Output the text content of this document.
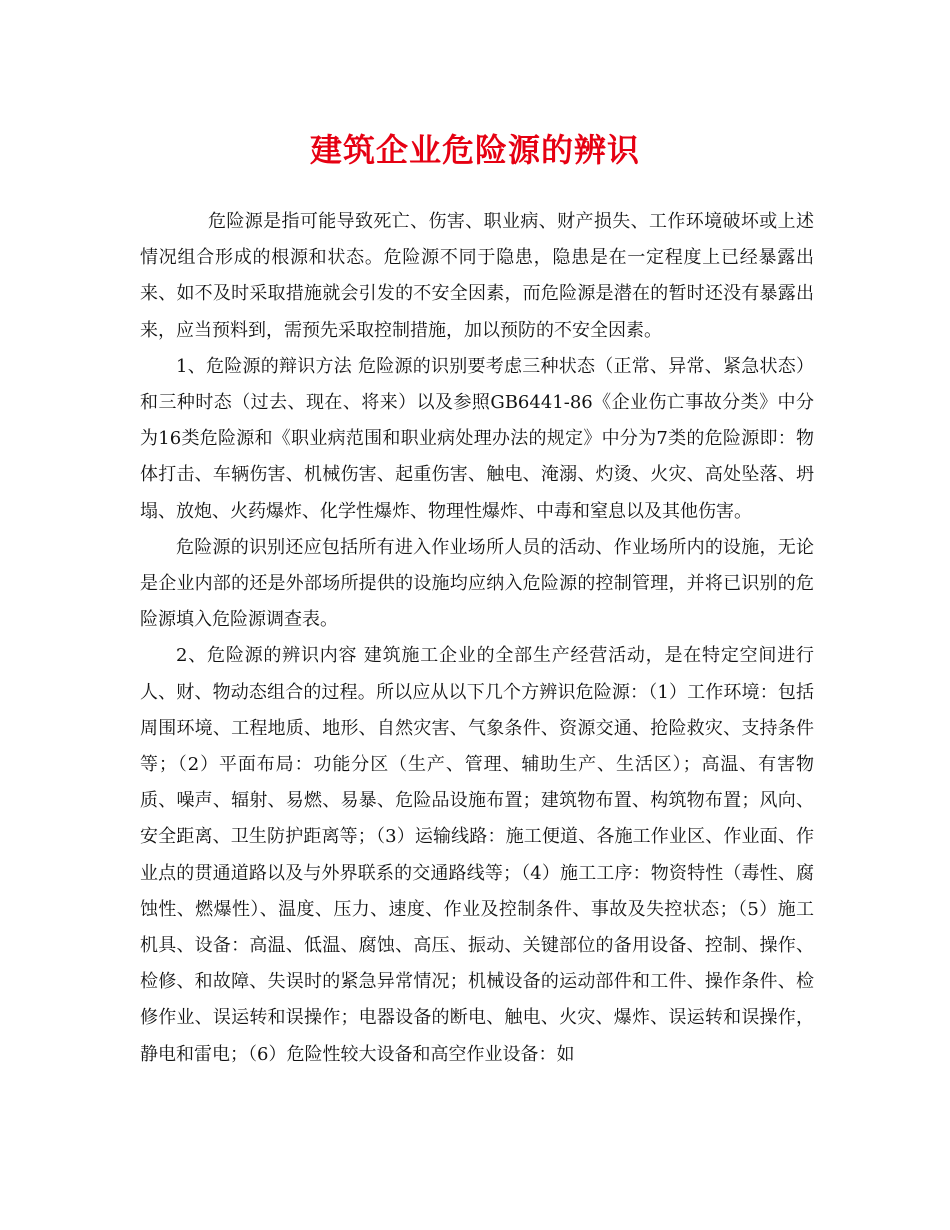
建筑企业危险源的辨识

危险源是指可能导致死亡、伤害、职业病、财产损失、工作环境破坏或上述情况组合形成的根源和状态。危险源不同于隐患，隐患是在一定程度上已经暴露出来、如不及时采取措施就会引发的不安全因素，而危险源是潜在的暂时还没有暴露出来，应当预料到，需预先采取控制措施，加以预防的不安全因素。

1、危险源的辩识方法 危险源的识别要考虑三种状态（正常、异常、紧急状态）和三种时态（过去、现在、将来）以及参照GB6441-86《企业伤亡事故分类》中分为16类危险源和《职业病范围和职业病处理办法的规定》中分为7类的危险源即：物体打击、车辆伤害、机械伤害、起重伤害、触电、淹溺、灼烫、火灾、高处坠落、坍塌、放炮、火药爆炸、化学性爆炸、物理性爆炸、中毒和窒息以及其他伤害。

危险源的识别还应包括所有进入作业场所人员的活动、作业场所内的设施，无论是企业内部的还是外部场所提供的设施均应纳入危险源的控制管理，并将已识别的危险源填入危险源调查表。

2、危险源的辨识内容 建筑施工企业的全部生产经营活动，是在特定空间进行人、财、物动态组合的过程。所以应从以下几个方辨识危险源：（1）工作环境：包括周围环境、工程地质、地形、自然灾害、气象条件、资源交通、抢险救灾、支持条件等；（2）平面布局：功能分区（生产、管理、辅助生产、生活区）；高温、有害物质、噪声、辐射、易燃、易暴、危险品设施布置；建筑物布置、构筑物布置；风向、安全距离、卫生防护距离等；（3）运输线路：施工便道、各施工作业区、作业面、作业点的贯通道路以及与外界联系的交通路线等；（4）施工工序：物资特性（毒性、腐蚀性、燃爆性）、温度、压力、速度、作业及控制条件、事故及失控状态；（5）施工机具、设备：高温、低温、腐蚀、高压、振动、关键部位的备用设备、控制、操作、检修、和故障、失误时的紧急异常情况；机械设备的运动部件和工件、操作条件、检修作业、误运转和误操作；电器设备的断电、触电、火灾、爆炸、误运转和误操作，静电和雷电；（6）危险性较大设备和高空作业设备：如
